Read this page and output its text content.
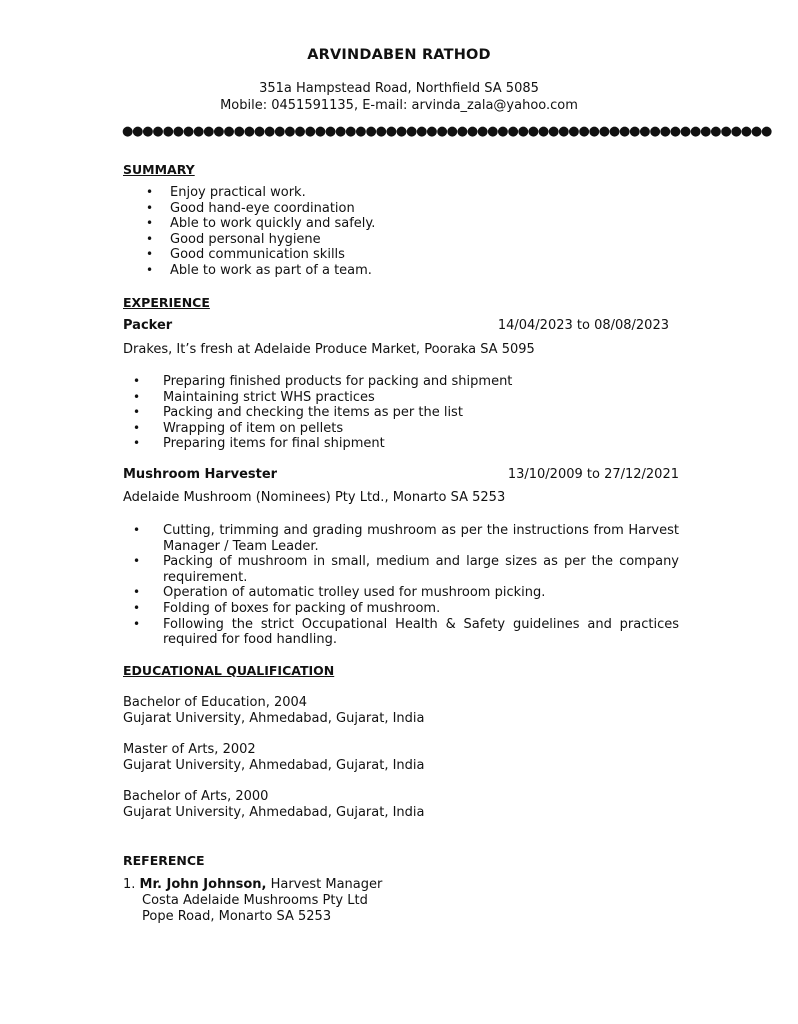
ARVINDABEN RATHOD
351a Hampstead Road, Northfield SA 5085
Mobile: 0451591135, E-mail: arvinda_zala@yahoo.com
●●●●●●●●●●●●●●●●●●●●●●●●●●●●●●●●●●●●●●●●●●●●●●●●●●●●●●●●●●●●●●●●
SUMMARY
• Enjoy practical work.
• Good hand-eye coordination
• Able to work quickly and safely.
• Good personal hygiene
• Good communication skills
• Able to work as part of a team.
EXPERIENCE
Packer	14/04/2023 to 08/08/2023
Drakes, It’s fresh at Adelaide Produce Market, Pooraka SA 5095
• Preparing finished products for packing and shipment
• Maintaining strict WHS practices
• Packing and checking the items as per the list
• Wrapping of item on pellets
• Preparing items for final shipment
Mushroom Harvester	13/10/2009 to 27/12/2021
Adelaide Mushroom (Nominees) Pty Ltd., Monarto SA 5253
• Cutting, trimming and grading mushroom as per the instructions from Harvest Manager / Team Leader.
• Packing of mushroom in small, medium and large sizes as per the company requirement.
• Operation of automatic trolley used for mushroom picking.
• Folding of boxes for packing of mushroom.
• Following the strict Occupational Health & Safety guidelines and practices required for food handling.
EDUCATIONAL QUALIFICATION
Bachelor of Education, 2004
Gujarat University, Ahmedabad, Gujarat, India
Master of Arts, 2002
Gujarat University, Ahmedabad, Gujarat, India
Bachelor of Arts, 2000
Gujarat University, Ahmedabad, Gujarat, India
REFERENCE
1. Mr. John Johnson, Harvest Manager
Costa Adelaide Mushrooms Pty Ltd
Pope Road, Monarto SA 5253
